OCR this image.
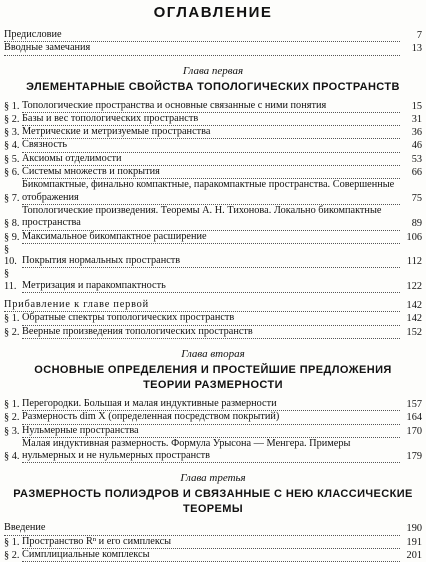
ОГЛАВЛЕНИЕ
Предисловие	7
Вводные замечания	13
Глава первая
ЭЛЕМЕНТАРНЫЕ СВОЙСТВА ТОПОЛОГИЧЕСКИХ ПРОСТРАНСТВ
§ 1. Топологические пространства и основные связанные с ними понятия	15
§ 2. Базы и вес топологических пространств	31
§ 3. Метрические и метризуемые пространства	36
§ 4. Связность	46
§ 5. Аксиомы отделимости	53
§ 6. Системы множеств и покрытия	66
§ 7.
Бикомпактные, финально компактные, паракомпактные пространства. Совершенные отображения	75
§ 8.
Топологические произведения. Теоремы А. Н. Тихонова. Локально бикомпактные пространства	89
§ 9. Максимальное бикомпактное расширение	106
§ 10. Покрытия нормальных пространств	112
§ 11. Метризация и паракомпактность	122
Прибавление к главе первой	142
§ 1. Обратные спектры топологических пространств	142
§ 2. Веерные произведения топологических пространств	152
Глава вторая
ОСНОВНЫЕ ОПРЕДЕЛЕНИЯ И ПРОСТЕЙШИЕ ПРЕДЛОЖЕНИЯ ТЕОРИИ РАЗМЕРНОСТИ
§ 1. Перегородки. Большая и малая индуктивные размерности	157
§ 2. Размерность dim X (определенная посредством покрытий)	164
§ 3. Нульмерные пространства	170
§ 4.
Малая индуктивная размерность. Формула Урысона — Менгера. Примеры нульмерных и не нульмерных пространств	179
Глава третья
РАЗМЕРНОСТЬ ПОЛИЭДРОВ И СВЯЗАННЫЕ С НЕЮ КЛАССИЧЕСКИЕ ТЕОРЕМЫ
Введение	190
§ 1. Пространство Rⁿ и его симплексы	191
§ 2. Симплициальные комплексы	201
